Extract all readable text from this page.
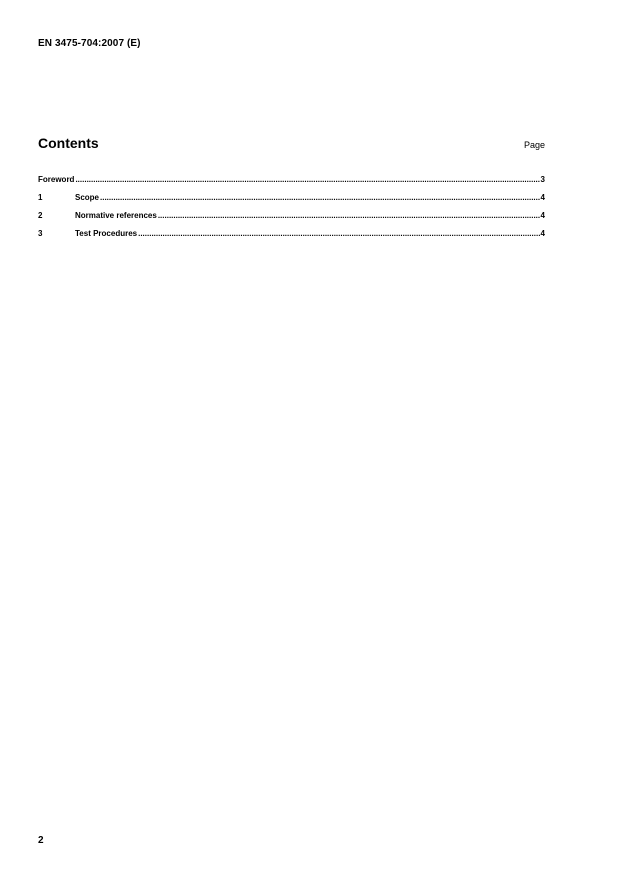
EN 3475-704:2007 (E)
Contents	Page
Foreword .....	3
1	Scope .....	4
2	Normative references .....	4
3	Test Procedures .....	4
2
